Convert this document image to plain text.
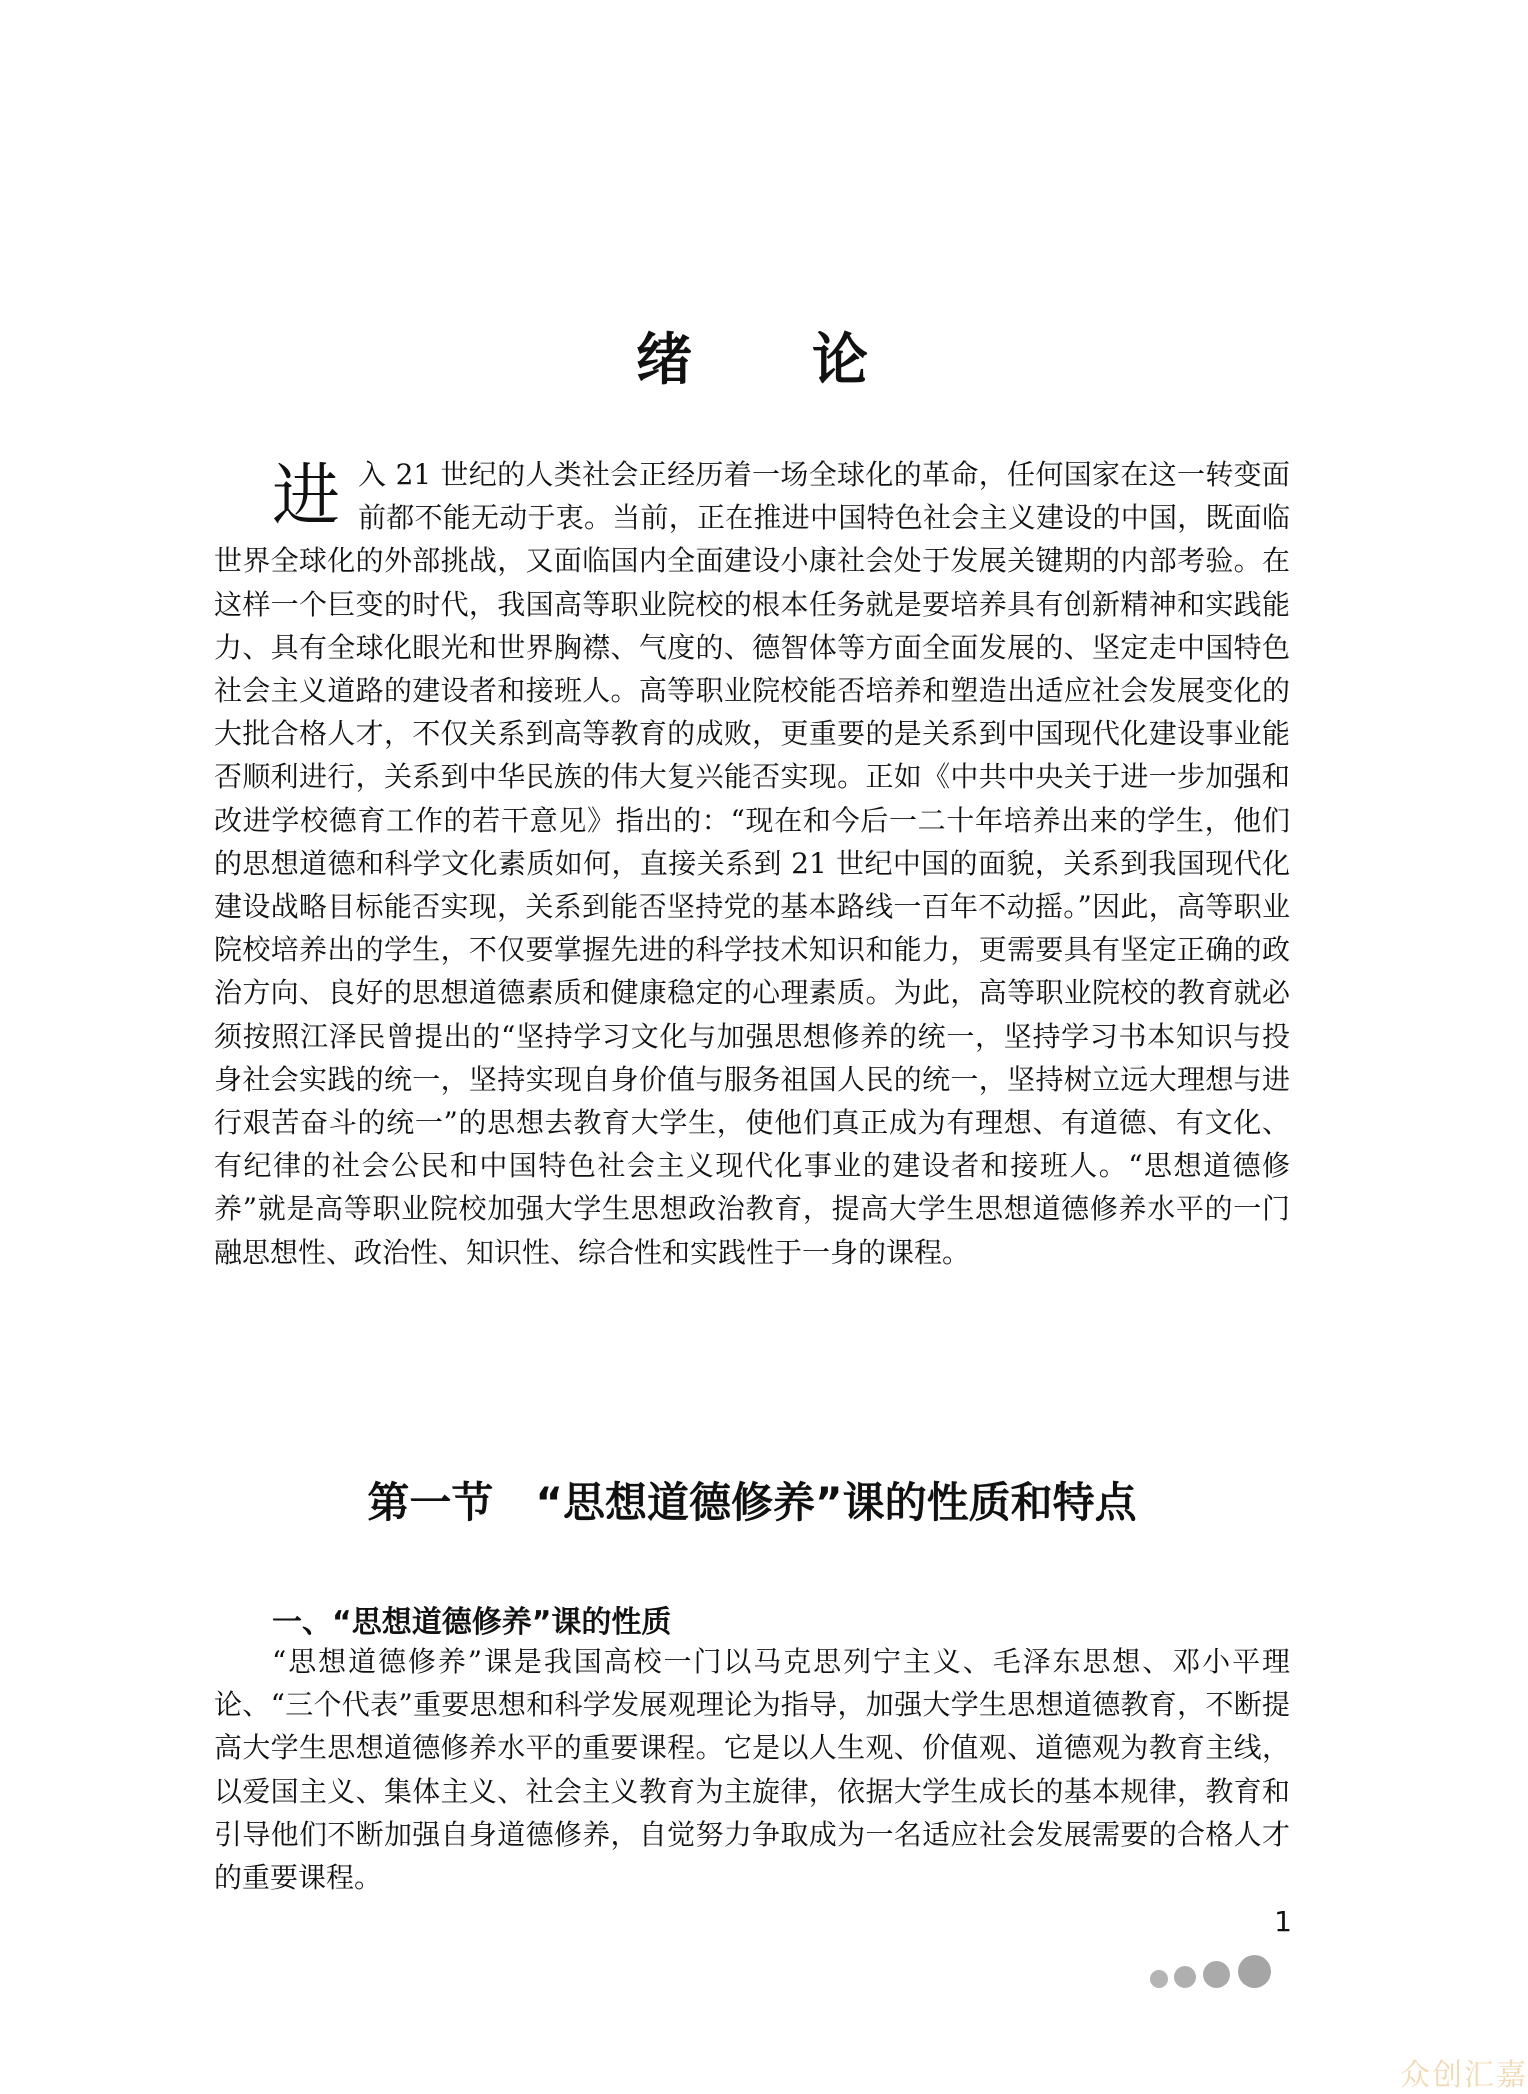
绪论

进入 21 世纪的人类社会正经历着一场全球化的革命，任何国家在这一转变面前都不能无动于衷。当前，正在推进中国特色社会主义建设的中国，既面临世界全球化的外部挑战，又面临国内全面建设小康社会处于发展关键期的内部考验。在这样一个巨变的时代，我国高等职业院校的根本任务就是要培养具有创新精神和实践能力、具有全球化眼光和世界胸襟、气度的、德智体等方面全面发展的、坚定走中国特色社会主义道路的建设者和接班人。高等职业院校能否培养和塑造出适应社会发展变化的大批合格人才，不仅关系到高等教育的成败，更重要的是关系到中国现代化建设事业能否顺利进行，关系到中华民族的伟大复兴能否实现。正如《中共中央关于进一步加强和改进学校德育工作的若干意见》指出的：“现在和今后一二十年培养出来的学生，他们的思想道德和科学文化素质如何，直接关系到 21 世纪中国的面貌，关系到我国现代化建设战略目标能否实现，关系到能否坚持党的基本路线一百年不动摇。”因此，高等职业院校培养出的学生，不仅要掌握先进的科学技术知识和能力，更需要具有坚定正确的政治方向、良好的思想道德素质和健康稳定的心理素质。为此，高等职业院校的教育就必须按照江泽民曾提出的“坚持学习文化与加强思想修养的统一，坚持学习书本知识与投身社会实践的统一，坚持实现自身价值与服务祖国人民的统一，坚持树立远大理想与进行艰苦奋斗的统一”的思想去教育大学生，使他们真正成为有理想、有道德、有文化、有纪律的社会公民和中国特色社会主义现代化事业的建设者和接班人。“思想道德修养”就是高等职业院校加强大学生思想政治教育，提高大学生思想道德修养水平的一门融思想性、政治性、知识性、综合性和实践性于一身的课程。

第一节　“思想道德修养”课的性质和特点
一、“思想道德修养”课的性质

“思想道德修养”课是我国高校一门以马克思列宁主义、毛泽东思想、邓小平理论、“三个代表”重要思想和科学发展观理论为指导，加强大学生思想道德教育，不断提高大学生思想道德修养水平的重要课程。它是以人生观、价值观、道德观为教育主线，以爱国主义、集体主义、社会主义教育为主旋律，依据大学生成长的基本规律，教育和引导他们不断加强自身道德修养，自觉努力争取成为一名适应社会发展需要的合格人才的重要课程。

1
众创汇嘉
